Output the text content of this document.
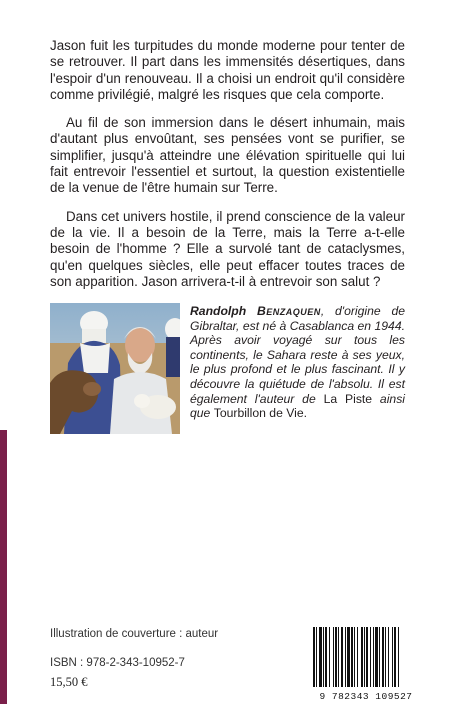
Jason fuit les turpitudes du monde moderne pour tenter de se retrouver. Il part dans les immensités désertiques, dans l'espoir d'un renouveau. Il a choisi un endroit qu'il considère comme privilégié, malgré les risques que cela comporte.

Au fil de son immersion dans le désert inhumain, mais d'autant plus envoûtant, ses pensées vont se purifier, se simplifier, jusqu'à atteindre une élévation spirituelle qui lui fait entrevoir l'essentiel et surtout, la question existentielle de la venue de l'être humain sur Terre.

Dans cet univers hostile, il prend conscience de la valeur de la vie. Il a besoin de la Terre, mais la Terre a-t-elle besoin de l'homme ? Elle a survolé tant de cataclysmes, qu'en quelques siècles, elle peut effacer toutes traces de son apparition. Jason arrivera-t-il à entrevoir son salut ?

Randolph Benzaquen, d'origine de Gibraltar, est né à Casablanca en 1944. Après avoir voyagé sur tous les continents, le Sahara reste à ses yeux, le plus profond et le plus fascinant. Il y découvre la quiétude de l'absolu. Il est également l'auteur de La Piste ainsi que Tourbillon de Vie.
Illustration de couverture : auteur
ISBN : 978-2-343-10952-7
15,50 €
9 782343 109527
